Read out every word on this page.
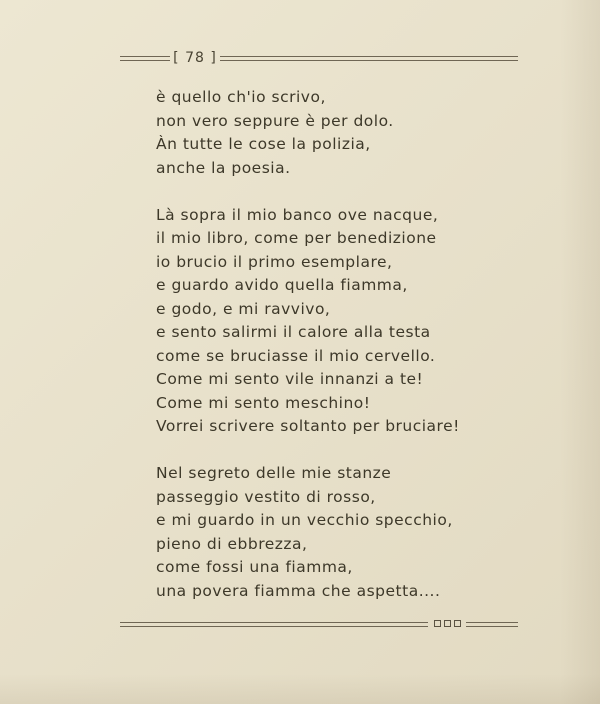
[ 78 ]
è quello ch'io scrivo,
non vero seppure è per dolo.
Àn tutte le cose la polizia,
anche la poesia.
Là sopra il mio banco ove nacque,
il mio libro, come per benedizione
io brucio il primo esemplare,
e guardo avido quella fiamma,
e godo, e mi ravvivo,
e sento salirmi il calore alla testa
come se bruciasse il mio cervello.
Come mi sento vile innanzi a te!
Come mi sento meschino!
Vorrei scrivere soltanto per bruciare!
Nel segreto delle mie stanze
passeggio vestito di rosso,
e mi guardo in un vecchio specchio,
pieno di ebbrezza,
come fossi una fiamma,
una povera fiamma che aspetta....
